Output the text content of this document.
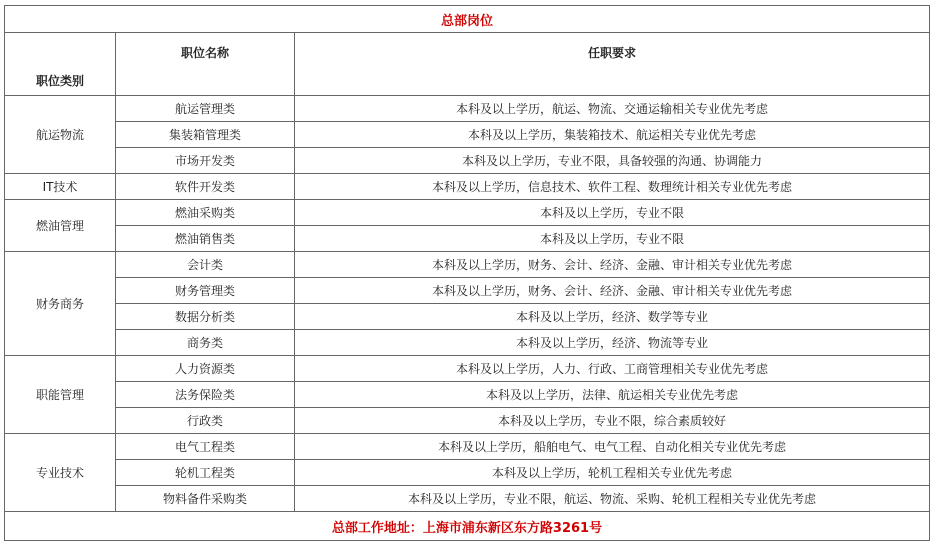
总部岗位		
职位类别	职位名称	任职要求
航运物流	航运管理类	本科及以上学历，航运、物流、交通运输相关专业优先考虑
	集装箱管理类	本科及以上学历，集装箱技术、航运相关专业优先考虑
	市场开发类	本科及以上学历，专业不限，具备较强的沟通、协调能力
IT技术	软件开发类	本科及以上学历，信息技术、软件工程、数理统计相关专业优先考虑
燃油管理	燃油采购类	本科及以上学历，专业不限
	燃油销售类	本科及以上学历，专业不限
财务商务	会计类	本科及以上学历，财务、会计、经济、金融、审计相关专业优先考虑
	财务管理类	本科及以上学历，财务、会计、经济、金融、审计相关专业优先考虑
	数据分析类	本科及以上学历，经济、数学等专业
	商务类	本科及以上学历，经济、物流等专业
职能管理	人力资源类	本科及以上学历，人力、行政、工商管理相关专业优先考虑
	法务保险类	本科及以上学历，法律、航运相关专业优先考虑
	行政类	本科及以上学历，专业不限，综合素质较好
专业技术	电气工程类	本科及以上学历，船舶电气、电气工程、自动化相关专业优先考虑
	轮机工程类	本科及以上学历，轮机工程相关专业优先考虑
	物料备件采购类	本科及以上学历，专业不限，航运、物流、采购、轮机工程相关专业优先考虑
总部工作地址：上海市浦东新区东方路3261号		
